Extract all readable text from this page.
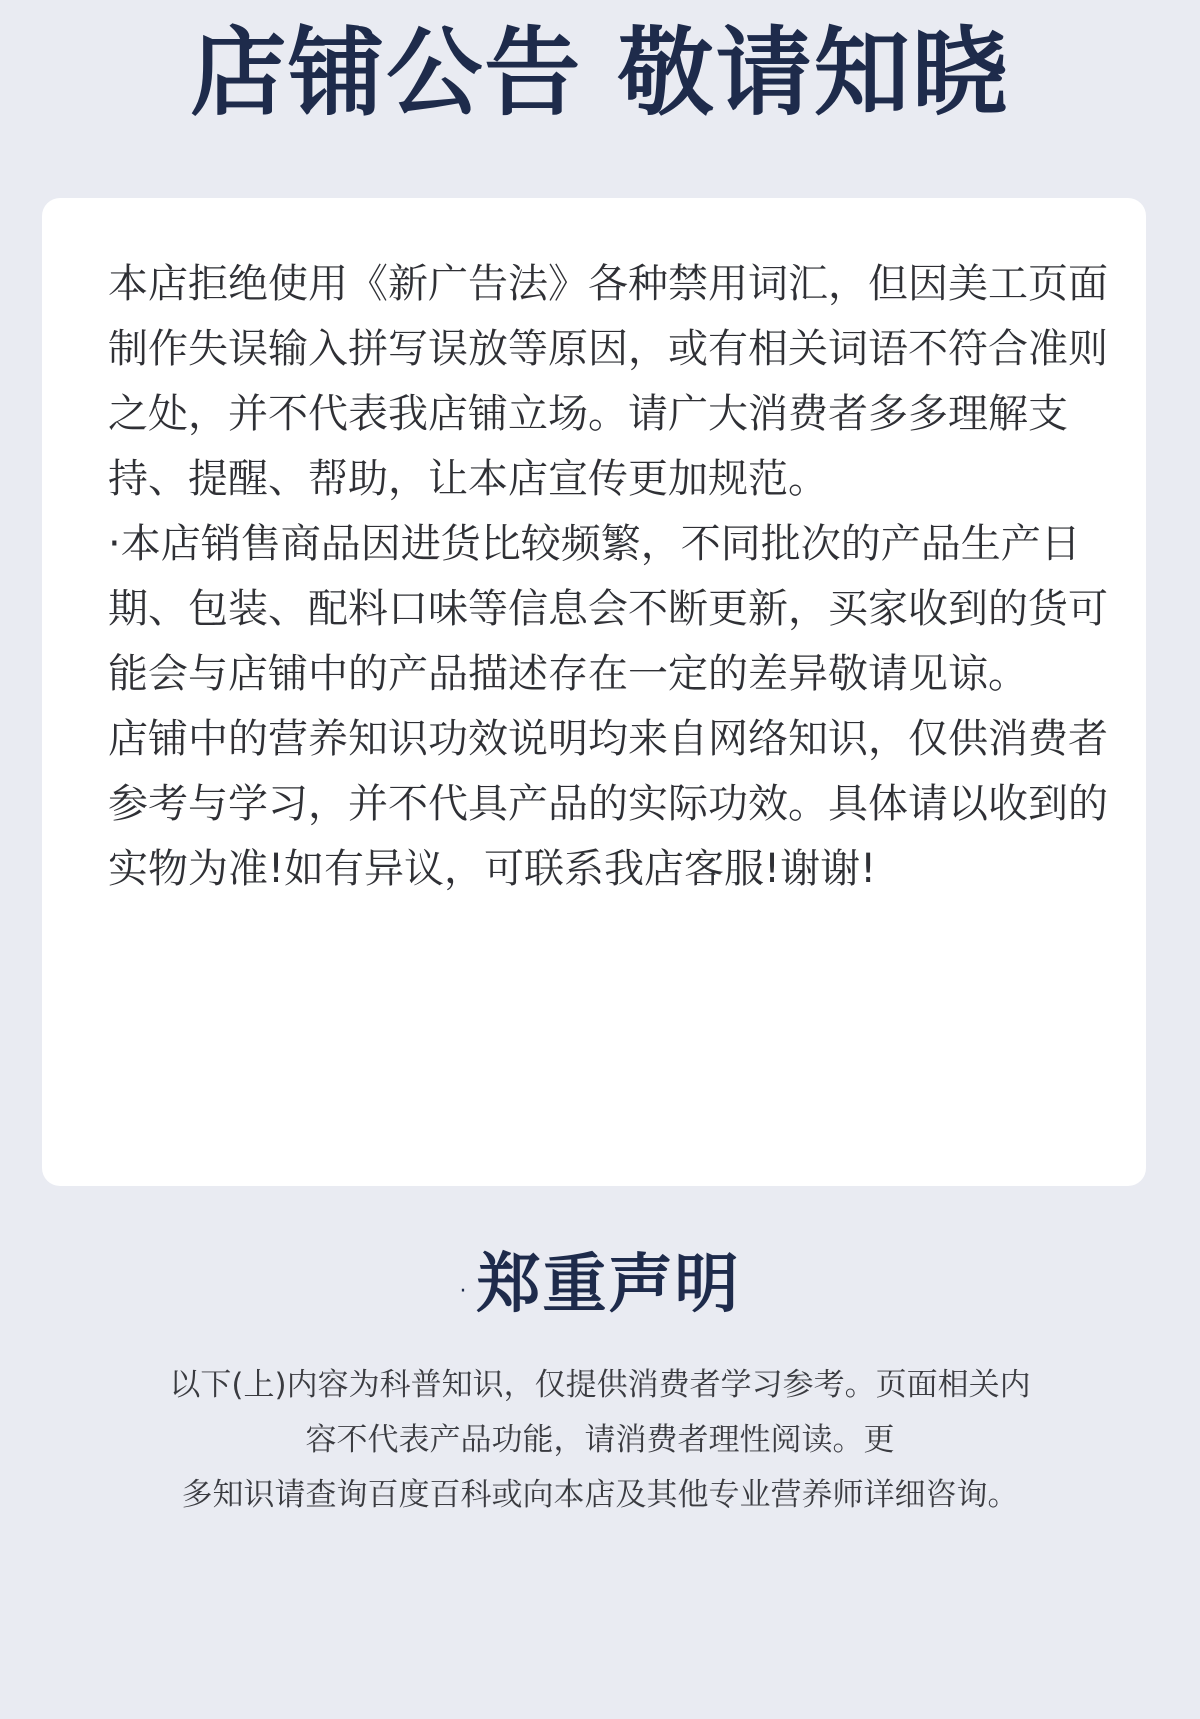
店铺公告 敬请知晓
本店拒绝使用《新广告法》各种禁用词汇，但因美工页面制作失误输入拼写误放等原因，或有相关词语不符合准则之处，并不代表我店铺立场。请广大消费者多多理解支持、提醒、帮助，让本店宣传更加规范。
·本店销售商品因进货比较频繁，不同批次的产品生产日期、包装、配料口味等信息会不断更新，买家收到的货可能会与店铺中的产品描述存在一定的差异敬请见谅。
店铺中的营养知识功效说明均来自网络知识，仅供消费者参考与学习，并不代具产品的实际功效。具体请以收到的实物为准!如有异议，可联系我店客服!谢谢!
· 郑重声明
以下(上)内容为科普知识，仅提供消费者学习参考。页面相关内
容不代表产品功能，请消费者理性阅读。更
多知识请查询百度百科或向本店及其他专业营养师详细咨询。
